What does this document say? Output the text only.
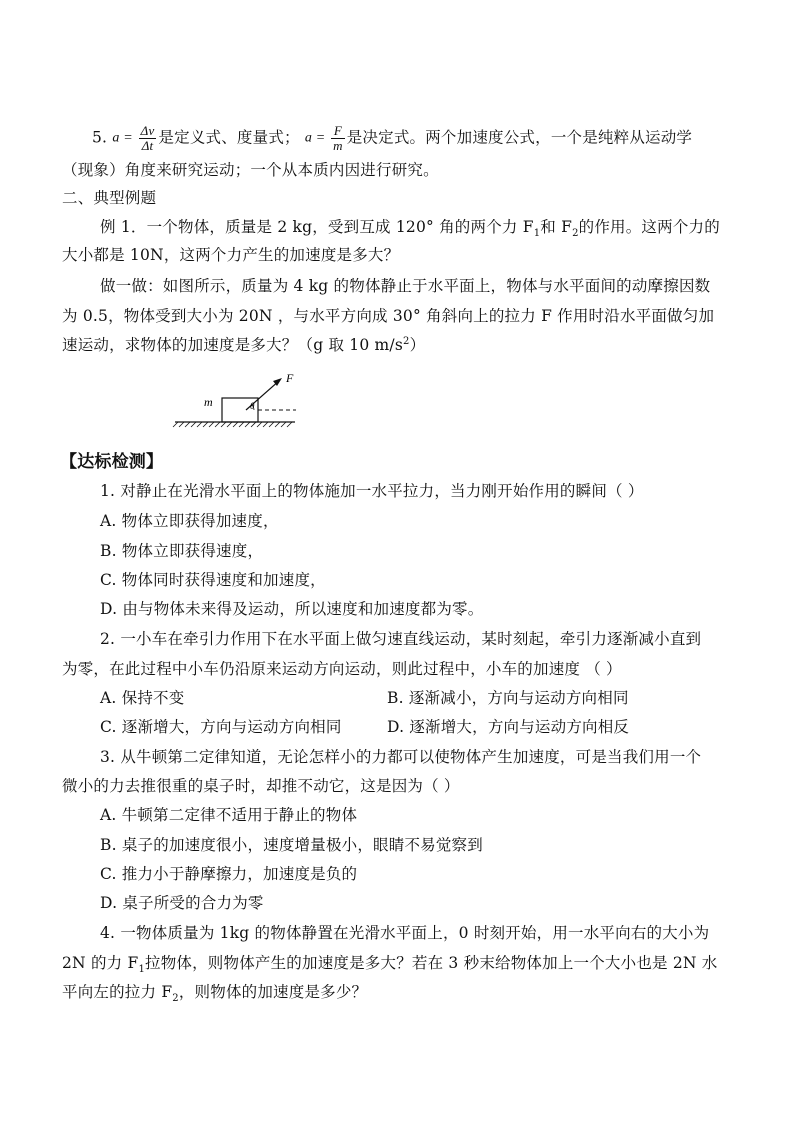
5. $a = \frac{\Delta v}{\Delta t}$ 是定义式、度量式； $a = \frac{F}{m}$ 是决定式。两个加速度公式，一个是纯粹从运动学
（现象）角度来研究运动；一个从本质内因进行研究。
二、典型例题
例 1．一个物体，质量是 2 kg，受到互成 120° 角的两个力 $F_1$和 $F_2$的作用。这两个力的
大小都是 10N，这两个力产生的加速度是多大？
做一做：如图所示，质量为 4 kg 的物体静止于水平面上，物体与水平面间的动摩擦因数
为 0.5，物体受到大小为 20N ，与水平方向成 30° 角斜向上的拉力 F 作用时沿水平面做匀加
速运动，求物体的加速度是多大？（g 取 10 $m/s^2$）
F
m	θ
【达标检测】
1. 对静止在光滑水平面上的物体施加一水平拉力，当力刚开始作用的瞬间（ ）
A. 物体立即获得加速度，
B. 物体立即获得速度，
C. 物体同时获得速度和加速度，
D. 由与物体未来得及运动，所以速度和加速度都为零。
2. 一小车在牵引力作用下在水平面上做匀速直线运动，某时刻起，牵引力逐渐减小直到
为零，在此过程中小车仍沿原来运动方向运动，则此过程中，小车的加速度 （ ）
A. 保持不变	B. 逐渐减小，方向与运动方向相同
C. 逐渐增大，方向与运动方向相同	D. 逐渐增大，方向与运动方向相反
3. 从牛顿第二定律知道，无论怎样小的力都可以使物体产生加速度，可是当我们用一个
微小的力去推很重的桌子时，却推不动它，这是因为（ ）
A. 牛顿第二定律不适用于静止的物体
B. 桌子的加速度很小，速度增量极小，眼睛不易觉察到
C. 推力小于静摩擦力，加速度是负的
D. 桌子所受的合力为零
4. 一物体质量为 1kg 的物体静置在光滑水平面上，0 时刻开始，用一水平向右的大小为
2N 的力 $F_1$拉物体，则物体产生的加速度是多大？若在 3 秒末给物体加上一个大小也是 2N 水
平向左的拉力 $F_2$，则物体的加速度是多少？
